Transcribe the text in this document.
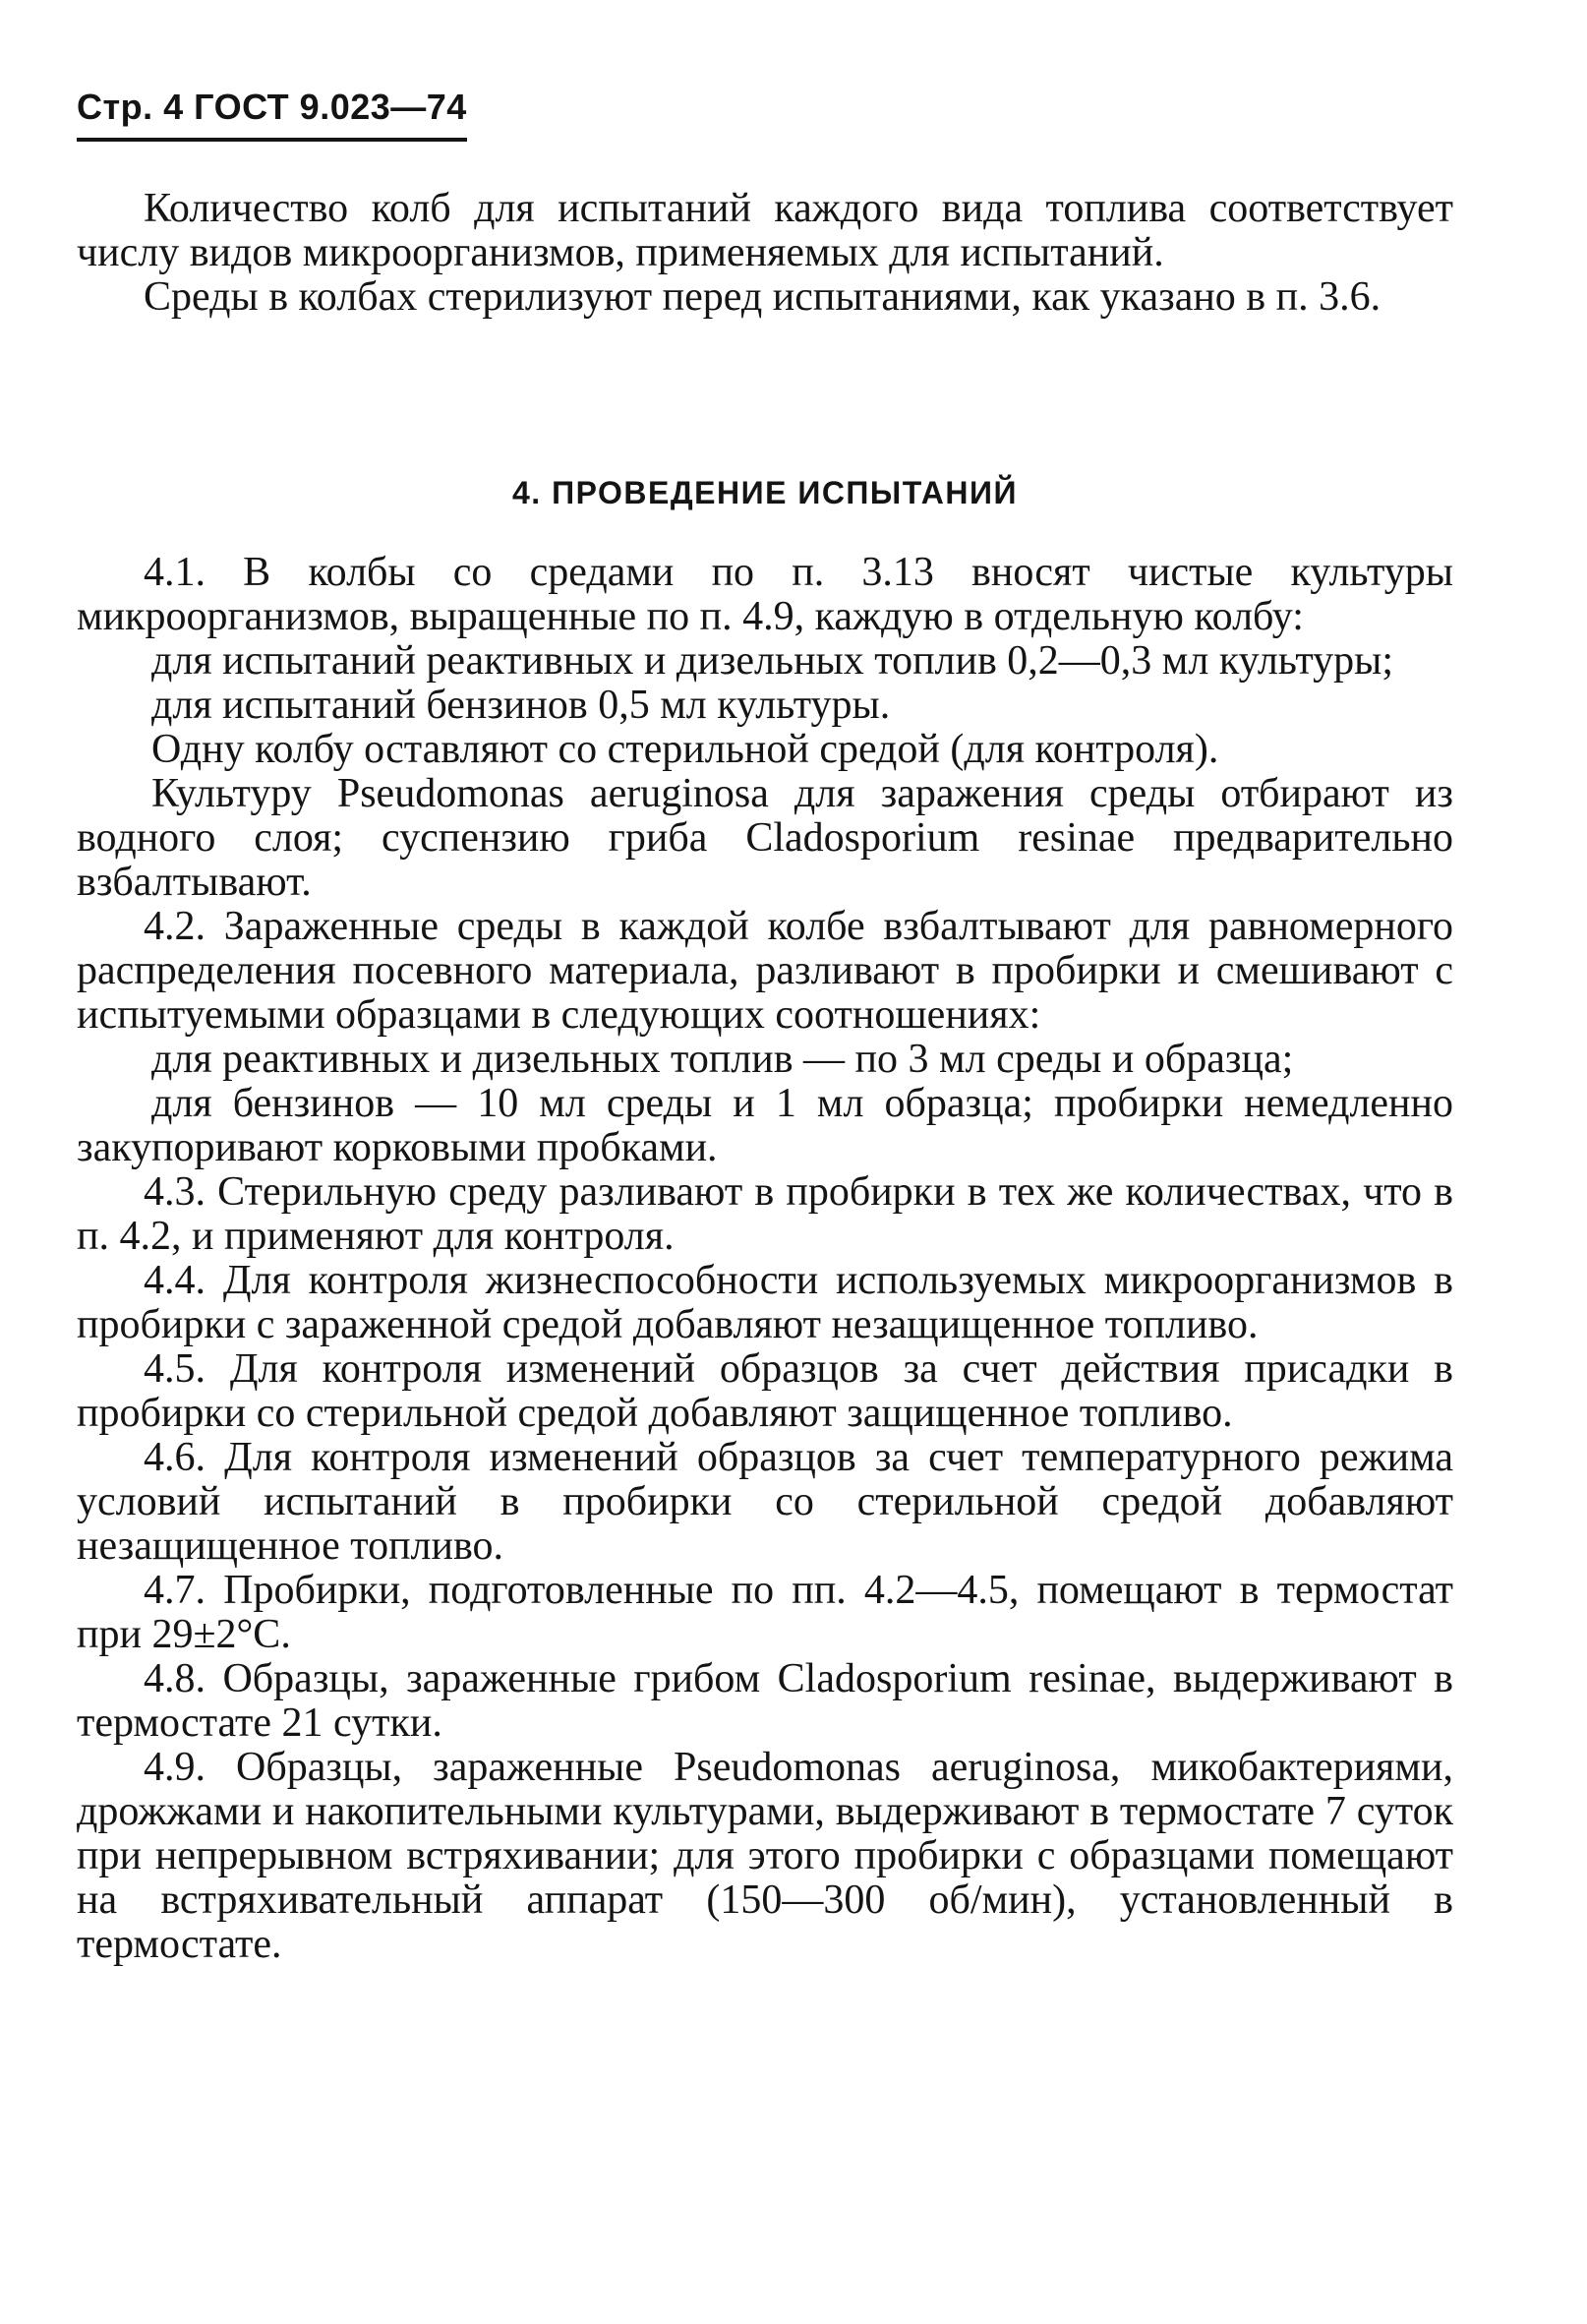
Стр. 4 ГОСТ 9.023—74

Количество колб для испытаний каждого вида топлива соответствует числу видов микроорганизмов, применяемых для испытаний.

Среды в колбах стерилизуют перед испытаниями, как указано в п. 3.6.

4. ПРОВЕДЕНИЕ ИСПЫТАНИЙ

4.1. В колбы со средами по п. 3.13 вносят чистые культуры микроорганизмов, выращенные по п. 4.9, каждую в отдельную колбу:

для испытаний реактивных и дизельных топлив 0,2—0,3 мл культуры;

для испытаний бензинов 0,5 мл культуры.

Одну колбу оставляют со стерильной средой (для контроля).

Культуру Pseudomonas aeruginosa для заражения среды отбирают из водного слоя; суспензию гриба Cladosporium resinae предварительно взбалтывают.

4.2. Зараженные среды в каждой колбе взбалтывают для равномерного распределения посевного материала, разливают в пробирки и смешивают с испытуемыми образцами в следующих соотношениях:

для реактивных и дизельных топлив — по 3 мл среды и образца;

для бензинов — 10 мл среды и 1 мл образца; пробирки немедленно закупоривают корковыми пробками.

4.3. Стерильную среду разливают в пробирки в тех же количествах, что в п. 4.2, и применяют для контроля.

4.4. Для контроля жизнеспособности используемых микроорганизмов в пробирки с зараженной средой добавляют незащищенное топливо.

4.5. Для контроля изменений образцов за счет действия присадки в пробирки со стерильной средой добавляют защищенное топливо.

4.6. Для контроля изменений образцов за счет температурного режима условий испытаний в пробирки со стерильной средой добавляют незащищенное топливо.

4.7. Пробирки, подготовленные по пп. 4.2—4.5, помещают в термостат при 29±2°С.

4.8. Образцы, зараженные грибом Cladosporium resinae, выдерживают в термостате 21 сутки.

4.9. Образцы, зараженные Pseudomonas aeruginosa, микобактериями, дрожжами и накопительными культурами, выдерживают в термостате 7 суток при непрерывном встряхивании; для этого пробирки с образцами помещают на встряхивательный аппарат (150—300 об/мин), установленный в термостате.
